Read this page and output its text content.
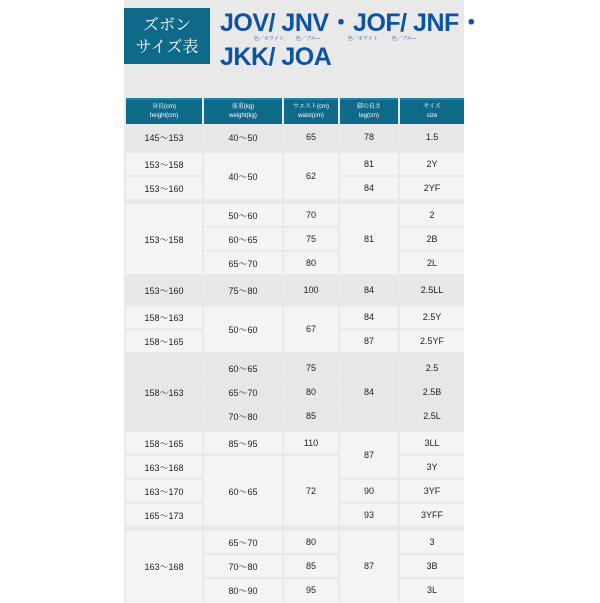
ズボン
サイズ表
JOV/ JNV・JOF/ JNF・
色／ホワイト 色／ブルー	色／ホワイト	色／ブルー
JKK/ JOA
身長(cm)
height(cm)	体重(kg)
weight(kg)	ウエスト(cm)
waist(cm)	脚の長さ
leg(cm)	サイズ
size
145～153	40～50	65	78	1.5

153～158	40～50	62	81	2Y
153～160			84	2YF

153～158	50～60	70	81	2
	60～65	75		2B
	65～70	80		2L

153～160	75～80	100	84	2.5LL

158～163	50～60	67	84	2.5Y
158～165			87	2.5YF

158～163	60～65	75	84	2.5
	65～70	80		2.5B
	70～80	85		2.5L

158～165	85～95	110	87	3LL
163～168	60～65	72		3Y
163～170			90	3YF
165～173			93	3YFF

163～168	65～70	80	87	3
	70～80	85		3B
	80～90	95		3L
